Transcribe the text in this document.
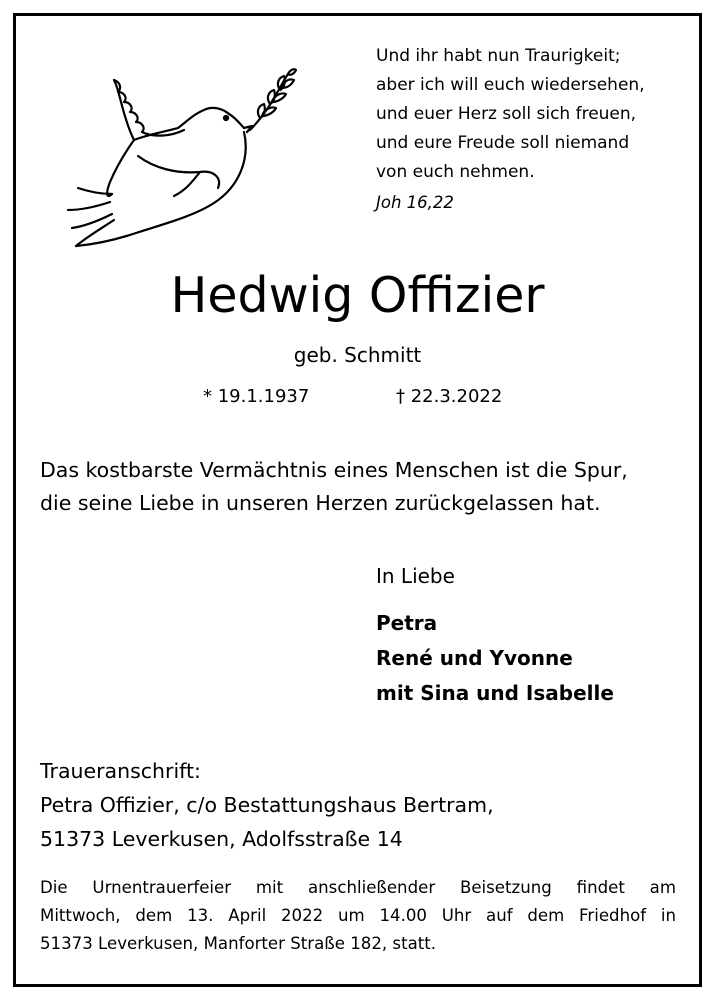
Und ihr habt nun Traurigkeit;
aber ich will euch wiedersehen,
und euer Herz soll sich freuen,
und eure Freude soll niemand
von euch nehmen.
Joh 16,22
Hedwig Offizier
geb. Schmitt
* 19.1.1937	† 22.3.2022
Das kostbarste Vermächtnis eines Menschen ist die Spur,
die seine Liebe in unseren Herzen zurückgelassen hat.
In Liebe
Petra
René und Yvonne
mit Sina und Isabelle
Traueranschrift:
Petra Offizier, c/o Bestattungshaus Bertram,
51373 Leverkusen, Adolfsstraße 14
Die Urnentrauerfeier mit anschließender Beisetzung findet am
Mittwoch, dem 13. April 2022 um 14.00 Uhr auf dem Friedhof in
51373 Leverkusen, Manforter Straße 182, statt.
